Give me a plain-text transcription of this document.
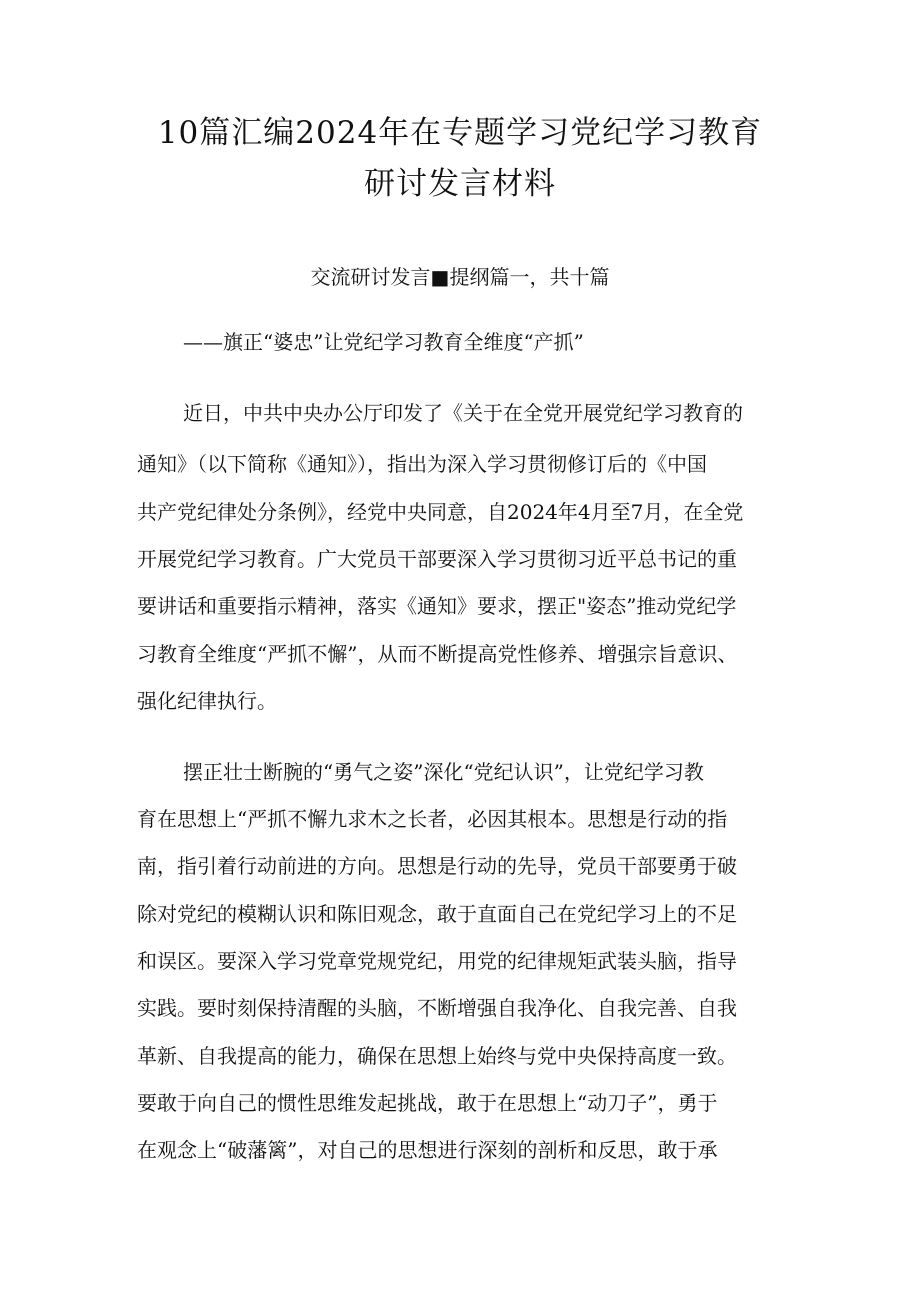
10篇汇编2024年在专题学习党纪学习教育
研讨发言材料
交流研讨发言■提纲篇一，共十篇
——旗正“婆忠”让党纪学习教育全维度“产抓”
近日，中共中央办公厅印发了《关于在全党开展党纪学习教育的
通知》（以下简称《通知》），指出为深入学习贯彻修订后的《中国
共产党纪律处分条例》，经党中央同意，自2024年4月至7月，在全党
开展党纪学习教育。广大党员干部要深入学习贯彻习近平总书记的重
要讲话和重要指示精神，落实《通知》要求，摆正"姿态”推动党纪学
习教育全维度“严抓不懈”，从而不断提高党性修养、增强宗旨意识、
强化纪律执行。
摆正壮士断腕的“勇气之姿”深化“党纪认识”，让党纪学习教
育在思想上“严抓不懈九求木之长者，必因其根本。思想是行动的指
南，指引着行动前进的方向。思想是行动的先导，党员干部要勇于破
除对党纪的模糊认识和陈旧观念，敢于直面自己在党纪学习上的不足
和误区。要深入学习党章党规党纪，用党的纪律规矩武装头脑，指导
实践。要时刻保持清醒的头脑，不断增强自我净化、自我完善、自我
革新、自我提高的能力，确保在思想上始终与党中央保持高度一致。
要敢于向自己的惯性思维发起挑战，敢于在思想上“动刀子”，勇于
在观念上“破藩篱”，对自己的思想进行深刻的剖析和反思，敢于承
